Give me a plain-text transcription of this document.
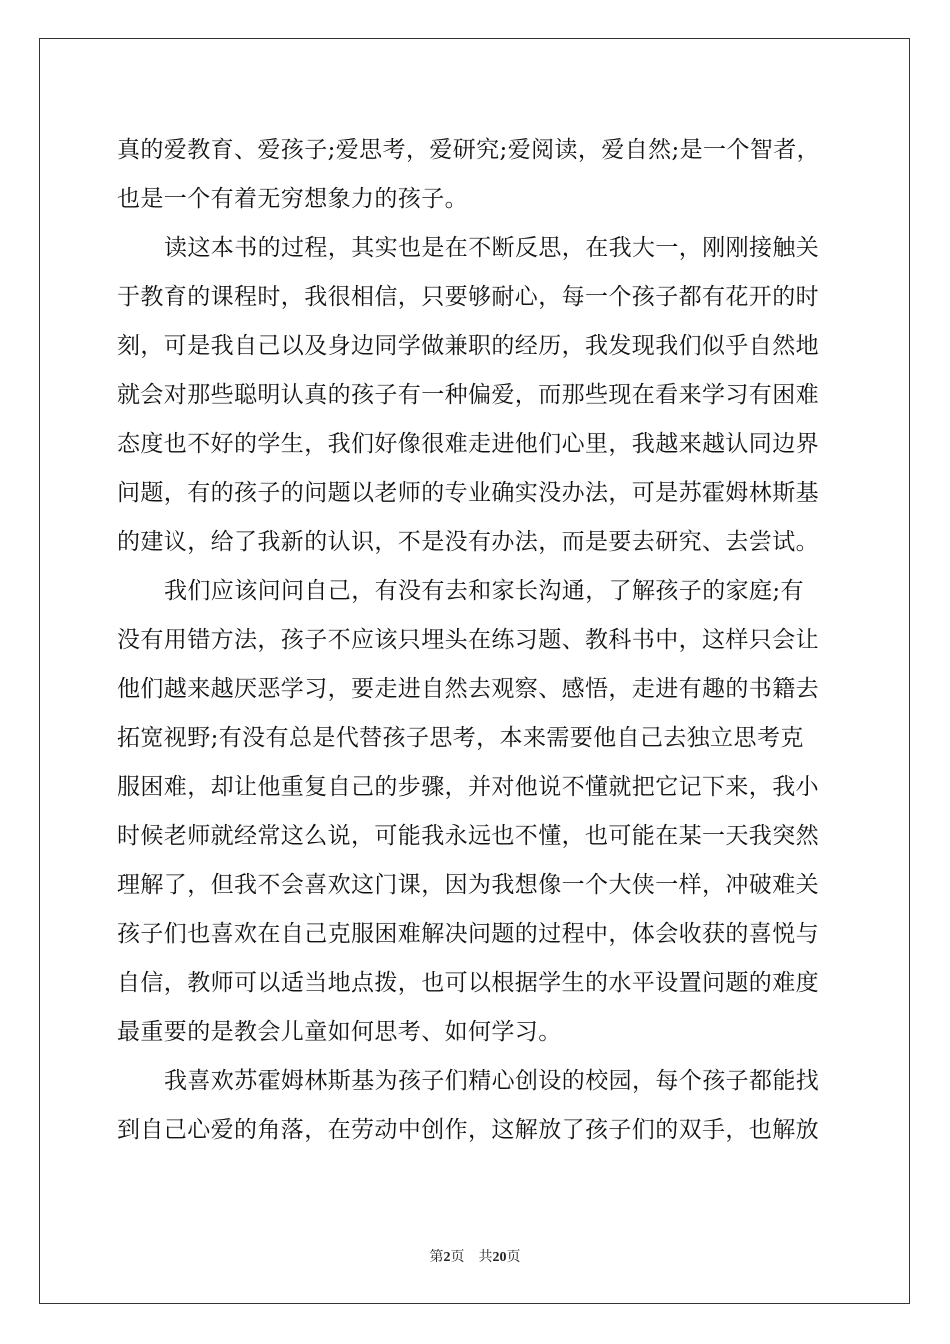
真的爱教育、爱孩子;爱思考，爱研究;爱阅读，爱自然;是一个智者，
也是一个有着无穷想象力的孩子。
读这本书的过程，其实也是在不断反思，在我大一，刚刚接触关
于教育的课程时，我很相信，只要够耐心，每一个孩子都有花开的时
刻，可是我自己以及身边同学做兼职的经历，我发现我们似乎自然地
就会对那些聪明认真的孩子有一种偏爱，而那些现在看来学习有困难
态度也不好的学生，我们好像很难走进他们心里，我越来越认同边界
问题，有的孩子的问题以老师的专业确实没办法，可是苏霍姆林斯基
的建议，给了我新的认识，不是没有办法，而是要去研究、去尝试。
我们应该问问自己，有没有去和家长沟通，了解孩子的家庭;有
没有用错方法，孩子不应该只埋头在练习题、教科书中，这样只会让
他们越来越厌恶学习，要走进自然去观察、感悟，走进有趣的书籍去
拓宽视野;有没有总是代替孩子思考，本来需要他自己去独立思考克
服困难，却让他重复自己的步骤，并对他说不懂就把它记下来，我小
时候老师就经常这么说，可能我永远也不懂，也可能在某一天我突然
理解了，但我不会喜欢这门课，因为我想像一个大侠一样，冲破难关
孩子们也喜欢在自己克服困难解决问题的过程中，体会收获的喜悦与
自信，教师可以适当地点拨，也可以根据学生的水平设置问题的难度
最重要的是教会儿童如何思考、如何学习。
我喜欢苏霍姆林斯基为孩子们精心创设的校园，每个孩子都能找
到自己心爱的角落，在劳动中创作，这解放了孩子们的双手，也解放
第2页 共20页
